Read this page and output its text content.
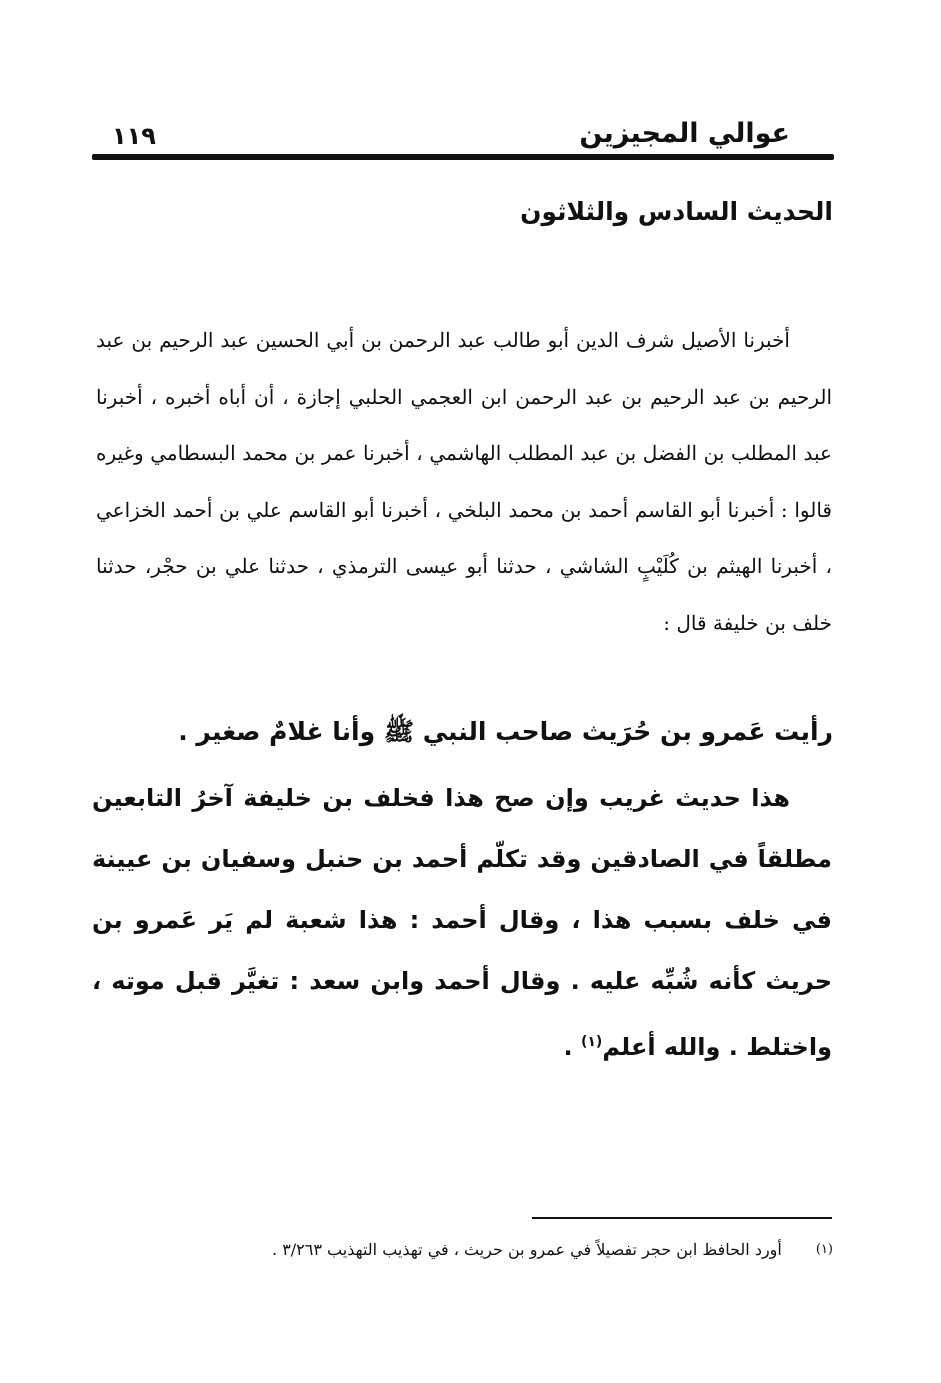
عوالي المجيزين
١١٩
الحديث السادس والثلاثون
أخبرنا الأصيل شرف الدين أبو طالب عبد الرحمن بن أبي الحسين عبد الرحيم بن عبد الرحيم بن عبد الرحيم بن عبد الرحمن ابن العجمي الحلبي إجازة ، أن أباه أخبره ، أخبرنا عبد المطلب بن الفضل بن عبد المطلب الهاشمي ، أخبرنا عمر بن محمد البسطامي وغيره قالوا : أخبرنا أبو القاسم أحمد بن محمد البلخي ، أخبرنا أبو القاسم علي بن أحمد الخزاعي ، أخبرنا الهيثم بن كُلَيْبٍ الشاشي ، حدثنا أبو عيسى الترمذي ، حدثنا علي بن حجْر، حدثنا خلف بن خليفة قال :
رأيت عَمرو بن حُرَيث صاحب النبي ﷺ وأنا غلامٌ صغير .
هذا حديث غريب وإن صح هذا فخلف بن خليفة آخرُ التابعين مطلقاً في الصادقين وقد تكلّم أحمد بن حنبل وسفيان بن عيينة في خلف بسبب هذا ، وقال أحمد : هذا شعبة لم يَر عَمرو بن حريث كأنه شُبِّه عليه . وقال أحمد وابن سعد : تغيَّر قبل موته ، واختلط . والله أعلم$^{(١)}$ .
(١)أورد الحافظ ابن حجر تفصيلاً في عمرو بن حريث ، في تهذيب التهذيب ٣/٢٦٣ .
